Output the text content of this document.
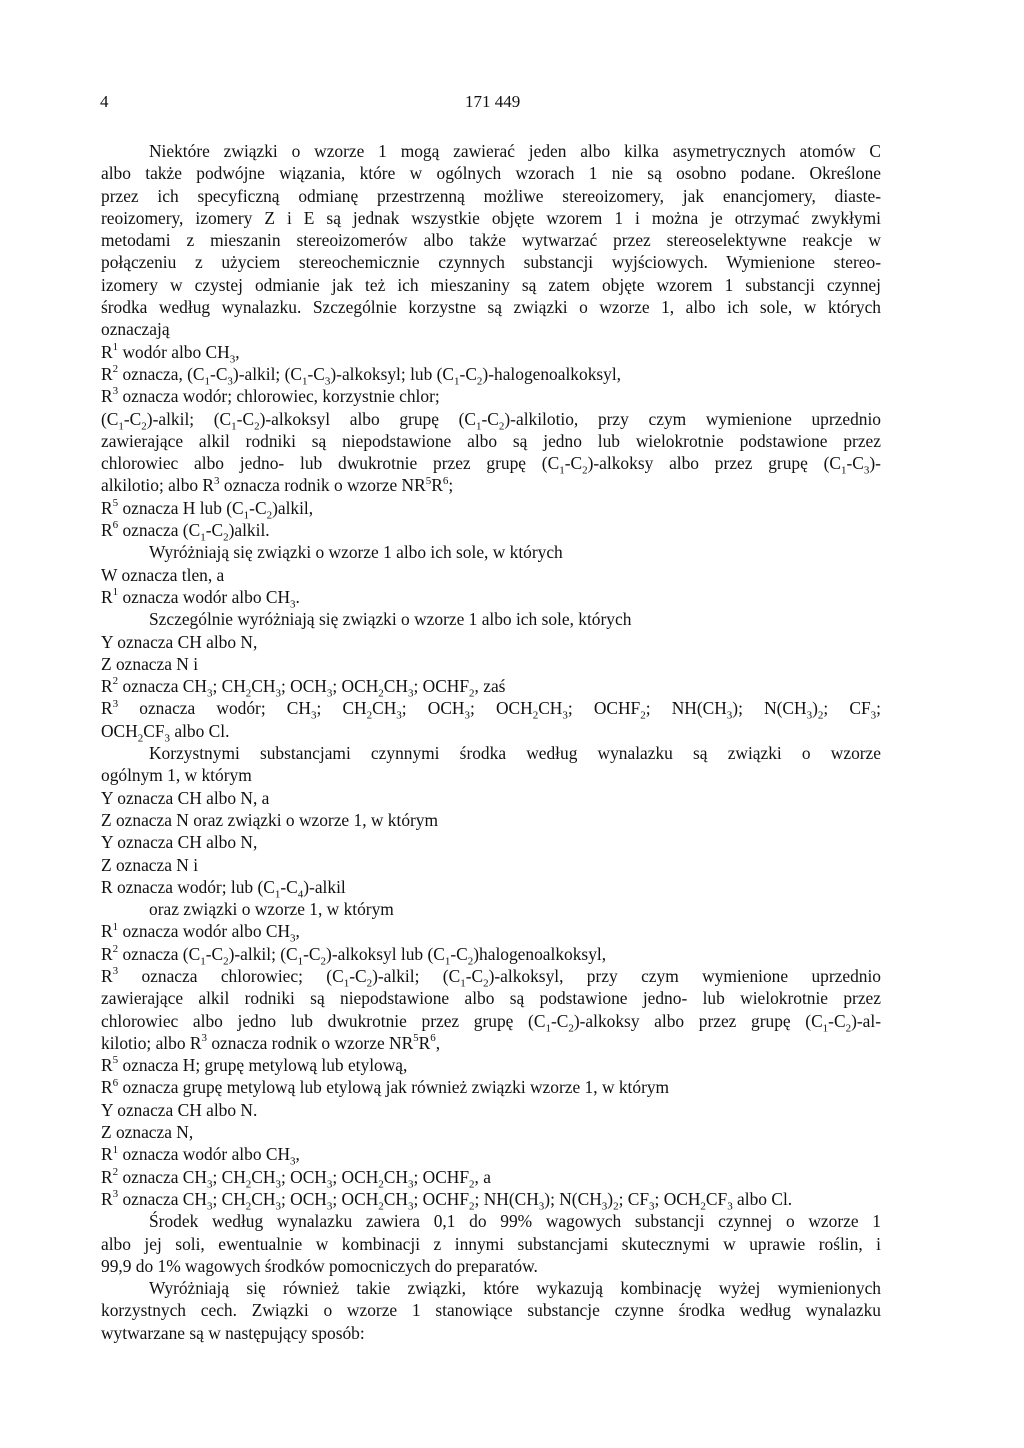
4	171 449
Niektóre związki o wzorze 1 mogą zawierać jeden albo kilka asymetrycznych atomów C
albo także podwójne wiązania, które w ogólnych wzorach 1 nie są osobno podane. Określone
przez ich specyficzną odmianę przestrzenną możliwe stereoizomery, jak enancjomery, diaste-
reoizomery, izomery Z i E są jednak wszystkie objęte wzorem 1 i można je otrzymać zwykłymi
metodami z mieszanin stereoizomerów albo także wytwarzać przez stereoselektywne reakcje w
połączeniu z użyciem stereochemicznie czynnych substancji wyjściowych. Wymienione stereo-
izomery w czystej odmianie jak też ich mieszaniny są zatem objęte wzorem 1 substancji czynnej
środka według wynalazku. Szczególnie korzystne są związki o wzorze 1, albo ich sole, w których
oznaczają
$R^1$ wodór albo $CH_3$,
$R^2$ oznacza, $(C_1-C_3)$-alkil; $(C_1-C_3)$-alkoksyl; lub $(C_1-C_2)$-halogenoalkoksyl,
$R^3$ oznacza wodór; chlorowiec, korzystnie chlor;
$(C_1-C_2)$-alkil; $(C_1-C_2)$-alkoksyl albo grupę $(C_1-C_2)$-alkilotio, przy czym wymienione uprzednio
zawierające alkil rodniki są niepodstawione albo są jedno lub wielokrotnie podstawione przez
chlorowiec albo jedno- lub dwukrotnie przez grupę $(C_1-C_2)$-alkoksy albo przez grupę $(C_1-C_3)-$
alkilotio; albo $R^3$ oznacza rodnik o wzorze $NR^5R^6$;
$R^5$ oznacza H lub $(C_1-C_2)alkil$,
$R^6$ oznacza $(C_1-C_2)alkil$.
Wyróżniają się związki o wzorze 1 albo ich sole, w których
W oznacza tlen, a
$R^1$ oznacza wodór albo $CH_3$.
Szczególnie wyróżniają się związki o wzorze 1 albo ich sole, których
Y oznacza CH albo N,
Z oznacza N i
$R^2$ oznacza $CH_3$; $CH_2CH_3$; $OCH_3$; $OCH_2CH_3$; $OCHF_2$, zaś
$R^3$ oznacza wodór; $CH_3$; $CH_2CH_3$; $OCH_3$; $OCH_2CH_3$; $OCHF_2$; $NH(CH_3)$; $N(CH_3)_2$; $CF_3$;
$OCH_2CF_3$ albo Cl.
Korzystnymi substancjami czynnymi środka według wynalazku są związki o wzorze
ogólnym 1, w którym
Y oznacza CH albo N, a
Z oznacza N oraz związki o wzorze 1, w którym
Y oznacza CH albo N,
Z oznacza N i
R oznacza wodór; lub $(C_1-C_4)$-alkil
oraz związki o wzorze 1, w którym
$R^1$ oznacza wodór albo $CH_3$,
$R^2$ oznacza $(C_1-C_2)$-alkil; $(C_1-C_2)$-alkoksyl lub $(C_1-C_2)halogenoalkoksyl$,
$R^3$ oznacza chlorowiec; $(C_1-C_2)$-alkil; $(C_1-C_2)$-alkoksyl, przy czym wymienione uprzednio
zawierające alkil rodniki są niepodstawione albo są podstawione jedno- lub wielokrotnie przez
chlorowiec albo jedno lub dwukrotnie przez grupę $(C_1-C_2)$-alkoksy albo przez grupę $(C_1-C_2)-al-$
kilotio; albo $R^3$ oznacza rodnik o wzorze $NR^5R^6$,
$R^5$ oznacza H; grupę metylową lub etylową,
$R^6$ oznacza grupę metylową lub etylową jak również związki wzorze 1, w którym
Y oznacza CH albo N.
Z oznacza N,
$R^1$ oznacza wodór albo $CH_3$,
$R^2$ oznacza $CH_3$; $CH_2CH_3$; $OCH_3$; $OCH_2CH_3$; $OCHF_2$, a
$R^3$ oznacza $CH_3$; $CH_2CH_3$; $OCH_3$; $OCH_2CH_3$; $OCHF_2$; $NH(CH_3)$; $N(CH_3)_2$; $CF_3$; $OCH_2CF_3$ albo Cl.
Środek według wynalazku zawiera 0,1 do 99% wagowych substancji czynnej o wzorze 1
albo jej soli, ewentualnie w kombinacji z innymi substancjami skutecznymi w uprawie roślin, i
99,9 do 1% wagowych środków pomocniczych do preparatów.
Wyróżniają się również takie związki, które wykazują kombinację wyżej wymienionych
korzystnych cech. Związki o wzorze 1 stanowiące substancje czynne środka według wynalazku
wytwarzane są w następujący sposób:
